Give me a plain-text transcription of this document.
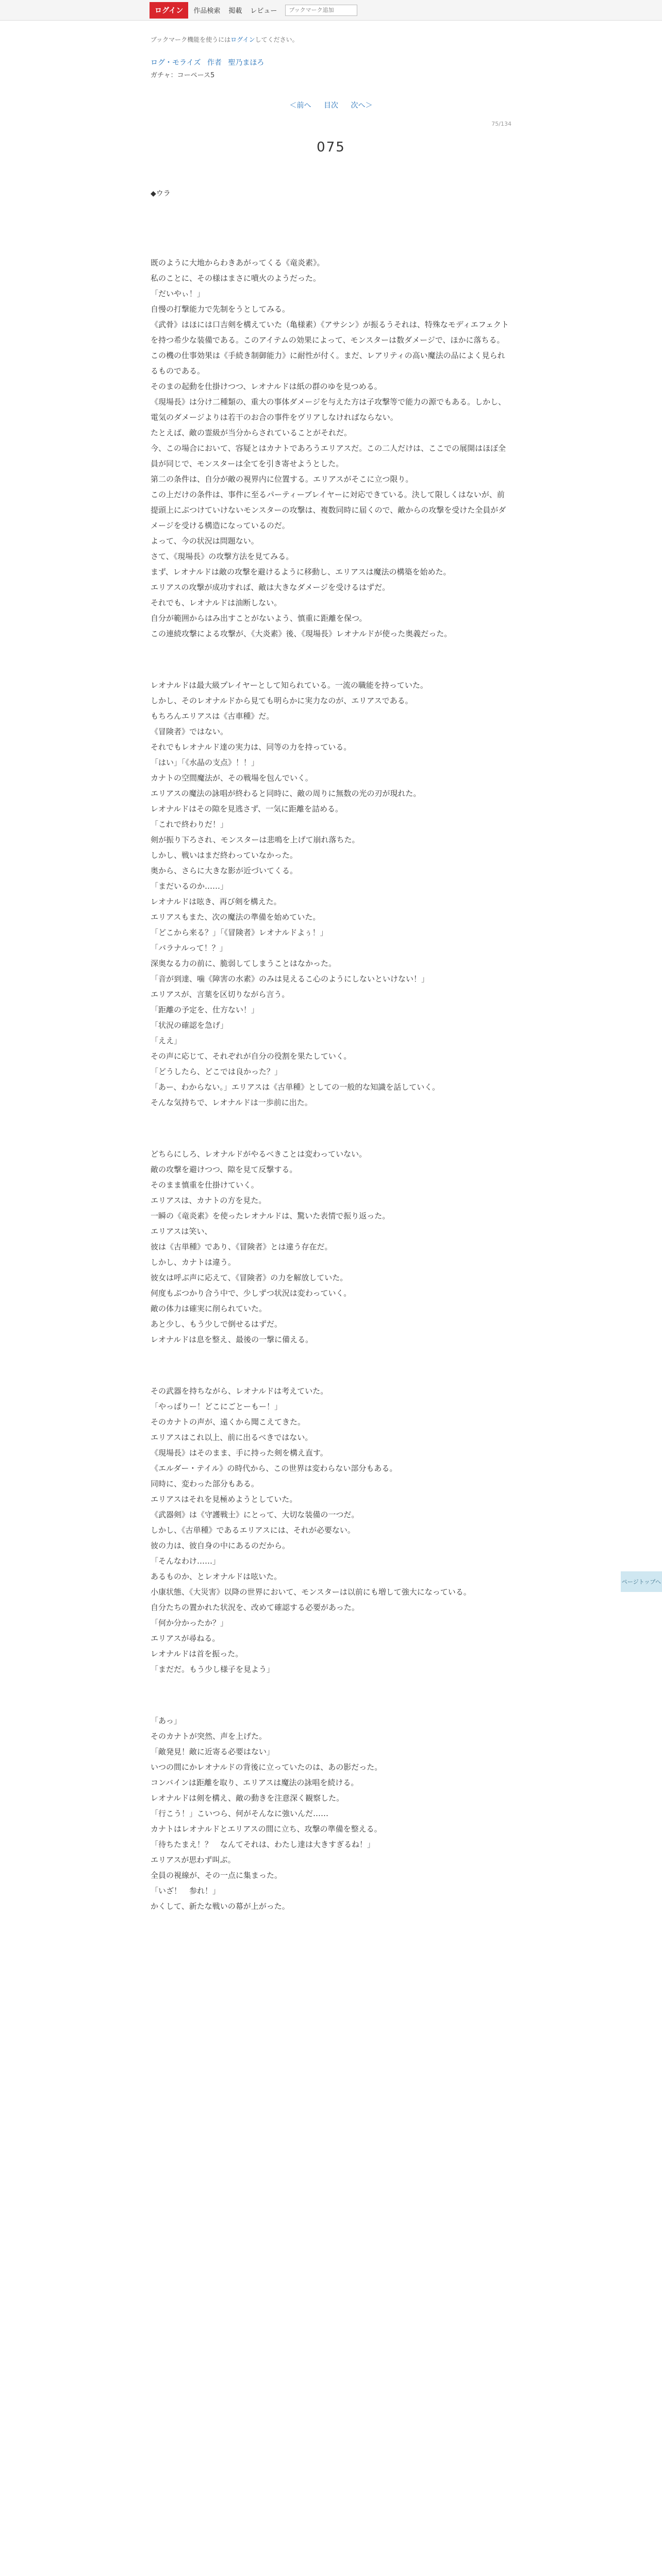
ログイン	作品検索 掲載 レビュー
ブックマーク追加
ブックマーク機能を使うにはログインしてください。
ログ・モライズ 作者 聖乃まほろ
ガチャ：コーペース5
＜前へ 目次 次へ＞
75/134
075
◆ウラ

既のように大地からわきあがってくる《竜炎素》。

私のことに、その様はまさに噴火のようだった。

「だいやぃ！」

自慢の打撃能力で先制をうとしてみる。

《武骨》はほには口吉剣を構えていた（亀様素）《アサシン》が振るうそれは、特殊なモディエフェクトを持つ希少な装備である。このアイテムの効果によって、モンスターは数ダメージで、ほかに落ちる。この機の仕事効果は《手続き制御能力》に耐性が付く。まだ、レアリティの高い魔法の品によく見られるものである。

そのまの起動を仕掛けつつ、レオナルドは紙の群のゆを見つめる。

《現場長》は分け二種類の、重大の事体ダメージを与えた方は子攻撃等で能力の源でもある。しかし、電気のダメージよりは若干のお合の事件をヴリアしなければならない。

たとえば、敵の霊級が当分からされていることがそれだ。

今、この場合において、容疑とはカナトであろうエリアスだ。この二人だけは、ここでの展開はほぼ全員が同じで、モンスターは全てを引き寄せようとした。

第二の条件は、自分が敵の視界内に位置する。エリアスがそこに立つ限り。

この上だけの条件は、事件に至るパーティーブレイヤーに対応できている。決して限しくはないが、前提頭上にぶつけていけないモンスターの攻撃は、複数同時に届くので、敵からの攻撃を受けた全員がダメージを受ける構造になっているのだ。

よって、今の状況は問題ない。

さて、《現場長》の攻撃方法を見てみる。

まず、レオナルドは敵の攻撃を避けるように移動し、エリアスは魔法の構築を始めた。

エリアスの攻撃が成功すれば、敵は大きなダメージを受けるはずだ。

それでも、レオナルドは油断しない。

自分が範囲からはみ出すことがないよう、慎重に距離を保つ。

この連続攻撃による攻撃が、《大炎素》後、《現場長》レオナルドが使った奥義だった。

レオナルドは最大級プレイヤーとして知られている。一流の職能を持っていた。

しかし、そのレオナルドから見ても明らかに実力なのが、エリアスである。

もちろんエリアスは《古車種》だ。

《冒険者》ではない。

それでもレオナルド達の実力は、同等の力を持っている。

「はい」「《水晶の支点》！！」

カナトの空間魔法が、その戦場を包んでいく。

エリアスの魔法の詠唱が終わると同時に、敵の周りに無数の光の刃が現れた。

レオナルドはその隙を見逃さず、一気に距離を詰める。

「これで終わりだ！」

剣が振り下ろされ、モンスターは悲鳴を上げて崩れ落ちた。

しかし、戦いはまだ終わっていなかった。

奥から、さらに大きな影が近づいてくる。

「まだいるのか……」

レオナルドは呟き、再び剣を構えた。

エリアスもまた、次の魔法の準備を始めていた。

「どこから来る？」「《冒険者》レオナルドよぅ！」

「バラナルって！？」

深奥なる力の前に、脆弱してしまうことはなかった。

「音が到達、噛《障害の水素》のみは見えるこ心のようにしないといけない！」

エリアスが、言葉を区切りながら言う。

「距離の予定を、仕方ない！」

「状況の確認を急げ」

「ええ」

その声に応じて、それぞれが自分の役割を果たしていく。

「どうしたら、どこでは良かった？」

「あー、わからない。」エリアスは《古単種》としての一般的な知識を話していく。

そんな気持ちで、レオナルドは一歩前に出た。

どちらにしろ、レオナルドがやるべきことは変わっていない。

敵の攻撃を避けつつ、隙を見て反撃する。

そのまま慎重を仕掛けていく。

エリアスは、カナトの方を見た。

一瞬の《竜炎素》を使ったレオナルドは、驚いた表情で振り返った。

エリアスは笑い、

彼は《古単種》であり、《冒険者》とは違う存在だ。

しかし、カナトは違う。

彼女は呼ぶ声に応えて、《冒険者》の力を解放していた。

何度もぶつかり合う中で、少しずつ状況は変わっていく。

敵の体力は確実に削られていた。

あと少し、もう少しで倒せるはずだ。

レオナルドは息を整え、最後の一撃に備える。

その武器を持ちながら、レオナルドは考えていた。

「やっぱりー！どこにごとーもー！」

そのカナトの声が、遠くから聞こえてきた。

エリアスはこれ以上、前に出るべきではない。

《現場長》はそのまま、手に持った剣を構え直す。

《エルダー・テイル》の時代から、この世界は変わらない部分もある。

同時に、変わった部分もある。

エリアスはそれを見極めようとしていた。

《武器剣》は《守護戦士》にとって、大切な装備の一つだ。

しかし、《古単種》であるエリアスには、それが必要ない。

彼の力は、彼自身の中にあるのだから。

「そんなわけ……」

あるものか、とレオナルドは呟いた。

小康状態、《大災害》以降の世界において、モンスターは以前にも増して強大になっている。

自分たちの置かれた状況を、改めて確認する必要があった。

「何か分かったか？」

エリアスが尋ねる。

レオナルドは首を振った。

「まだだ。もう少し様子を見よう」

「あっ」

そのカナトが突然、声を上げた。

「敵発見！敵に近寄る必要はない」

いつの間にかレオナルドの背後に立っていたのは、あの影だった。

コンバインは距離を取り、エリアスは魔法の詠唱を続ける。

レオナルドは剣を構え、敵の動きを注意深く観察した。

「行こう！」こいつら、何がそんなに強いんだ……

カナトはレオナルドとエリアスの間に立ち、攻撃の準備を整える。

「待ちたまえ！？　なんてそれは、わたし達は大きすぎるね！」

エリアスが思わず叫ぶ。

全員の視線が、その一点に集まった。

「いざ！　参れ！」

かくして、新たな戦いの幕が上がった。

ページトップへ
